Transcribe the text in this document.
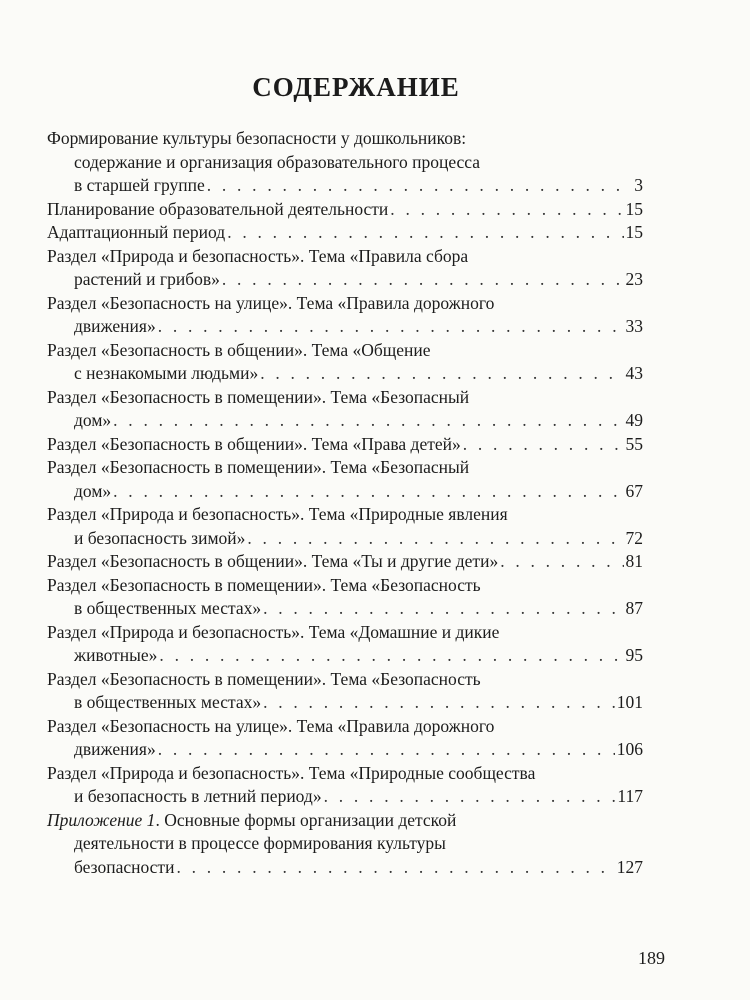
СОДЕРЖАНИЕ
Формирование культуры безопасности у дошкольников:
содержание и организация образовательного процесса
в старшей группе . . .	3
Планирование образовательной деятельности . . .	15
Адаптационный период . . .	15
Раздел «Природа и безопасность». Тема «Правила сбора
растений и грибов» . . .	23
Раздел «Безопасность на улице». Тема «Правила дорожного
движения» . . .	33
Раздел «Безопасность в общении». Тема «Общение
с незнакомыми людьми» . . .	43
Раздел «Безопасность в помещении». Тема «Безопасный
дом» . . .	49
Раздел «Безопасность в общении». Тема «Права детей» . . .	55
Раздел «Безопасность в помещении». Тема «Безопасный
дом» . . .	67
Раздел «Природа и безопасность». Тема «Природные явления
и безопасность зимой» . . .	72
Раздел «Безопасность в общении». Тема «Ты и другие дети» . . .	81
Раздел «Безопасность в помещении». Тема «Безопасность
в общественных местах» . . .	87
Раздел «Природа и безопасность». Тема «Домашние и дикие
животные» . . .	95
Раздел «Безопасность в помещении». Тема «Безопасность
в общественных местах» . . .	101
Раздел «Безопасность на улице». Тема «Правила дорожного
движения» . . .	106
Раздел «Природа и безопасность». Тема «Природные сообщества
и безопасность в летний период» . . .	117
Приложение 1 . Основные формы организации детской
деятельности в процессе формирования культуры
безопасности . . .	127
189
